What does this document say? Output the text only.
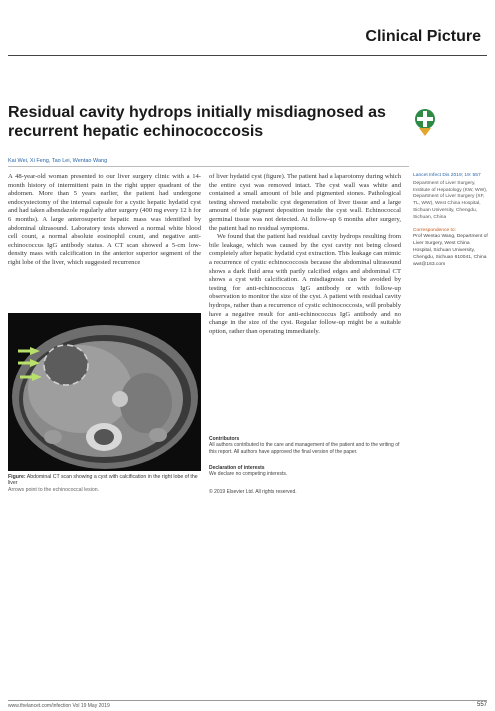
Clinical Picture
Residual cavity hydrops initially misdiagnosed as recurrent hepatic echinococcosis
Kai Wei, Xi Feng, Tao Lei, Wentao Wang

A 48-year-old woman presented to our liver surgery clinic with a 14-month history of intermittent pain in the right upper quadrant of the abdomen. More than 5 years earlier, the patient had undergone endocystectomy of the internal capsule for a cystic hepatic hydatid cyst and had taken albendazole regularly after surgery (400 mg every 12 h for 6 months). A large anterosuperior hepatic mass was identified by abdominal ultrasound. Laboratory tests showed a normal white blood cell count, a normal absolute eosinophil count, and negative anti-echinococcus IgG antibody status. A CT scan showed a 5-cm low-density mass with calcification in the anterior superior segment of the right lobe of the liver, which suggested recurrence

Figure: Abdominal CT scan showing a cyst with calcification in the right lobe of the liver
Arrows point to the echinococcal lesion.

of liver hydatid cyst (figure). The patient had a laparotomy during which the entire cyst was removed intact. The cyst wall was white and contained a small amount of bile and pigmented stones. Pathological testing showed metabolic cyst degeneration of liver tissue and a large amount of bile pigment deposition inside the cyst wall. Echinococcal germinal tissue was not detected. At follow-up 6 months after surgery, the patient had no residual symptoms.

We found that the patient had residual cavity hydrops resulting from bile leakage, which was caused by the cyst cavity not being closed completely after hepatic hydatid cyst extraction. This leakage can mimic a recurrence of cystic echinococcosis because the abdominal ultrasound shows a dark fluid area with partly calcified edges and abdominal CT shows a cyst with calcification. A misdiagnosis can be avoided by testing for anti-echinococcus IgG antibody or with follow-up observation to monitor the size of the cyst. A patient with residual cavity hydrops, rather than a recurrence of cystic echinococcosis, will probably have a negative result for anti-echinococcus IgG antibody and no change in the size of the cyst. Regular follow-up might be a suitable option, rather than operating immediately.

Contributors
All authors contributed to the care and management of the patient and to the writing of this report. All authors have approved the final version of the paper.
Declaration of interests
We declare no competing interests.
© 2019 Elsevier Ltd. All rights reserved.
Lancet Infect Dis 2019; 19: 557
Department of Liver Surgery, Institute of Hepatology (KW, WW), Department of Liver Surgery (XF, TL, WW), West China Hospital, Sichuan University, Chengdu, Sichuan, China
Correspondence to:
Prof Wentao Wang, Department of Liver Surgery, West China Hospital, Sichuan University, Chengdu, Sichuan 610041, China wwt@163.com
www.thelancet.com/infection Vol 19 May 2019	557
